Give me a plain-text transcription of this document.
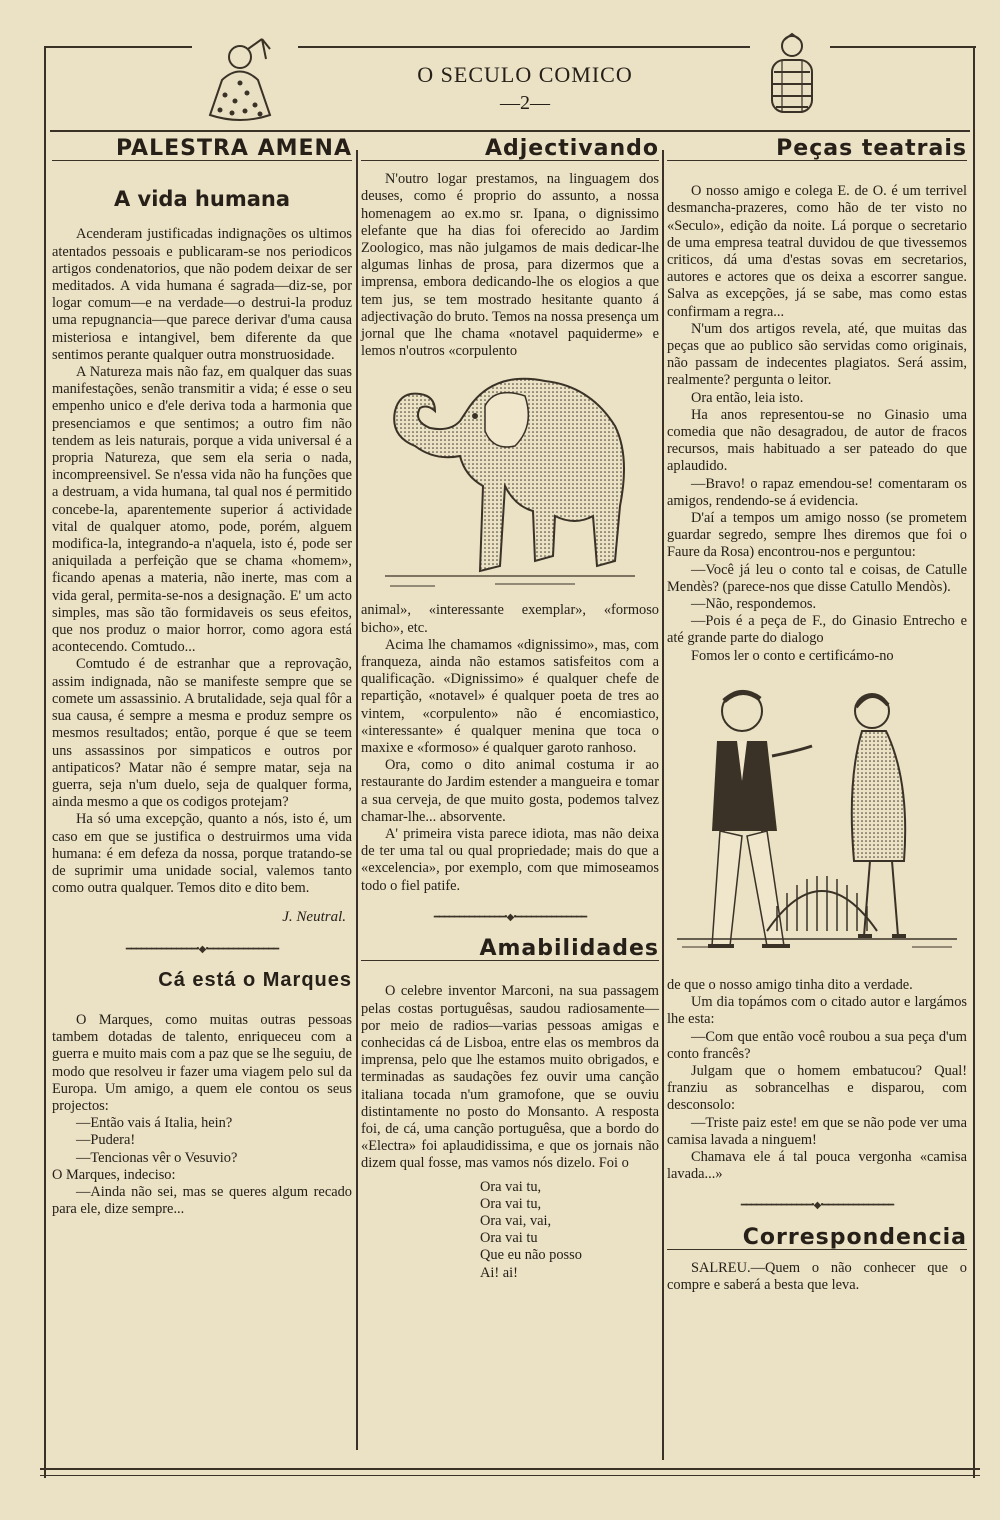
O SECULO COMICO
—2—
PALESTRA AMENA
A vida humana

Acenderam justificadas indignações os ultimos atentados pessoais e publicaram-se nos periodicos artigos condenatorios, que não podem deixar de ser meditados. A vida humana é sagrada—diz-se, por logar comum—e na verdade—o destrui-la produz uma repugnancia—que parece derivar d'uma causa misteriosa e intangivel, bem diferente da que sentimos perante qualquer outra monstruosidade.

A Natureza mais não faz, em qualquer das suas manifestações, senão transmitir a vida; é esse o seu empenho unico e d'ele deriva toda a harmonia que presenciamos e que sentimos; a outro fim não tendem as leis naturais, porque a vida universal é a propria Natureza, que sem ela seria o nada, incompreensivel. Se n'essa vida não ha funções que a destruam, a vida humana, tal qual nos é permitido concebe-la, aparentemente superior á actividade vital de qualquer atomo, pode, porém, alguem modifica-la, integrando-a n'aquela, isto é, pode ser aniquilada a perfeição que se chama «homem», ficando apenas a materia, não inerte, mas com a vida geral, permita-se-nos a designação. E' um acto simples, mas são tão formidaveis os seus efeitos, que nos produz o maior horror, como agora está acontecendo. Comtudo...

Comtudo é de estranhar que a reprovação, assim indignada, não se manifeste sempre que se comete um assassinio. A brutalidade, seja qual fôr a sua causa, é sempre a mesma e produz sempre os mesmos resultados; então, porque é que se teem uns assassinos por simpaticos e outros por antipaticos? Matar não é sempre matar, seja na guerra, seja n'um duelo, seja de qualquer forma, ainda mesmo a que os codigos protejam?

Ha só uma excepção, quanto a nós, isto é, um caso em que se justifica o destruirmos uma vida humana: é em defeza da nossa, porque tratando-se de suprimir uma unidade social, valemos tanto como outra qualquer. Temos dito e dito bem.

J. Neutral.
━━━━━━━━━━━━━━•◆•━━━━━━━━━━━━━━
Cá está o Marques

O Marques, como muitas outras pessoas tambem dotadas de talento, enriqueceu com a guerra e muito mais com a paz que se lhe seguiu, de modo que resolveu ir fazer uma viagem pelo sul da Europa. Um amigo, a quem ele contou os seus projectos:

—Então vais á Italia, hein?

—Pudera!

—Tencionas vêr o Vesuvio?

O Marques, indeciso:

—Ainda não sei, mas se queres algum recado para ele, dize sempre...

Adjectivando

N'outro logar prestamos, na linguagem dos deuses, como é proprio do assunto, a nossa homenagem ao ex.mo sr. Ipana, o dignissimo elefante que ha dias foi oferecido ao Jardim Zoologico, mas não julgamos de mais dedicar-lhe algumas linhas de prosa, para dizermos que a imprensa, embora dedicando-lhe os elogios a que tem jus, se tem mostrado hesitante quanto á adjectivação do bruto. Temos na nossa presença um jornal que lhe chama «notavel paquiderme» e lemos n'outros «corpulento

animal», «interessante exemplar», «formoso bicho», etc.

Acima lhe chamamos «dignissimo», mas, com franqueza, ainda não estamos satisfeitos com a qualificação. «Dignissimo» é qualquer chefe de repartição, «notavel» é qualquer poeta de tres ao vintem, «corpulento» não é encomiastico, «interessante» é qualquer menina que toca o maxixe e «formoso» é qualquer garoto ranhoso.

Ora, como o dito animal costuma ir ao restaurante do Jardim estender a mangueira e tomar a sua cerveja, de que muito gosta, podemos talvez chamar-lhe... absorvente.

A' primeira vista parece idiota, mas não deixa de ter uma tal ou qual propriedade; mais do que a «excelencia», por exemplo, com que mimoseamos todo o fiel patife.

━━━━━━━━━━━━━━•◆•━━━━━━━━━━━━━━
Amabilidades

O celebre inventor Marconi, na sua passagem pelas costas portuguêsas, saudou radiosamente—por meio de radios—varias pessoas amigas e conhecidas cá de Lisboa, entre elas os membros da imprensa, pelo que lhe estamos muito obrigados, e terminadas as saudações fez ouvir uma canção italiana tocada n'um gramofone, que se ouviu distintamente no posto do Monsanto. A resposta foi, de cá, uma canção portuguêsa, que a bordo do «Electra» foi aplaudidissima, e que os jornais não dizem qual fosse, mas vamos nós dizelo. Foi o

Ora vai tu,

Ora vai tu,

Ora vai, vai,

Ora vai tu

Que eu não posso

Ai! ai!

Peças teatrais

O nosso amigo e colega E. de O. é um terrivel desmancha-prazeres, como hão de ter visto no «Seculo», edição da noite. Lá porque o secretario de uma empresa teatral duvidou de que tivessemos criticos, dá uma d'estas sovas em secretarios, autores e actores que os deixa a escorrer sangue. Salva as excepções, já se sabe, mas como estas confirmam a regra...

N'um dos artigos revela, até, que muitas das peças que ao publico são servidas como originais, não passam de indecentes plagiatos. Será assim, realmente? pergunta o leitor.

Ora então, leia isto.

Ha anos representou-se no Ginasio uma comedia que não desagradou, de autor de fracos recursos, mais habituado a ser pateado do que aplaudido.

—Bravo! o rapaz emendou-se! comentaram os amigos, rendendo-se á evidencia.

D'aí a tempos um amigo nosso (se prometem guardar segredo, sempre lhes diremos que foi o Faure da Rosa) encontrou-nos e perguntou:

—Você já leu o conto tal e coisas, de Catulle Mendès? (parece-nos que disse Catullo Mendòs).

—Não, respondemos.

—Pois é a peça de F., do Ginasio Entrecho e até grande parte do dialogo

Fomos ler o conto e certificámo-no

de que o nosso amigo tinha dito a verdade.

Um dia topámos com o citado autor e largámos lhe esta:

—Com que então você roubou a sua peça d'um conto francês?

Julgam que o homem embatucou? Qual! franziu as sobrancelhas e disparou, com desconsolo:

—Triste paiz este! em que se não pode ver uma camisa lavada a ninguem!

Chamava ele á tal pouca vergonha «camisa lavada...»

━━━━━━━━━━━━━━•◆•━━━━━━━━━━━━━━
Correspondencia

SALREU.—Quem o não conhecer que o compre e saberá a besta que leva.
